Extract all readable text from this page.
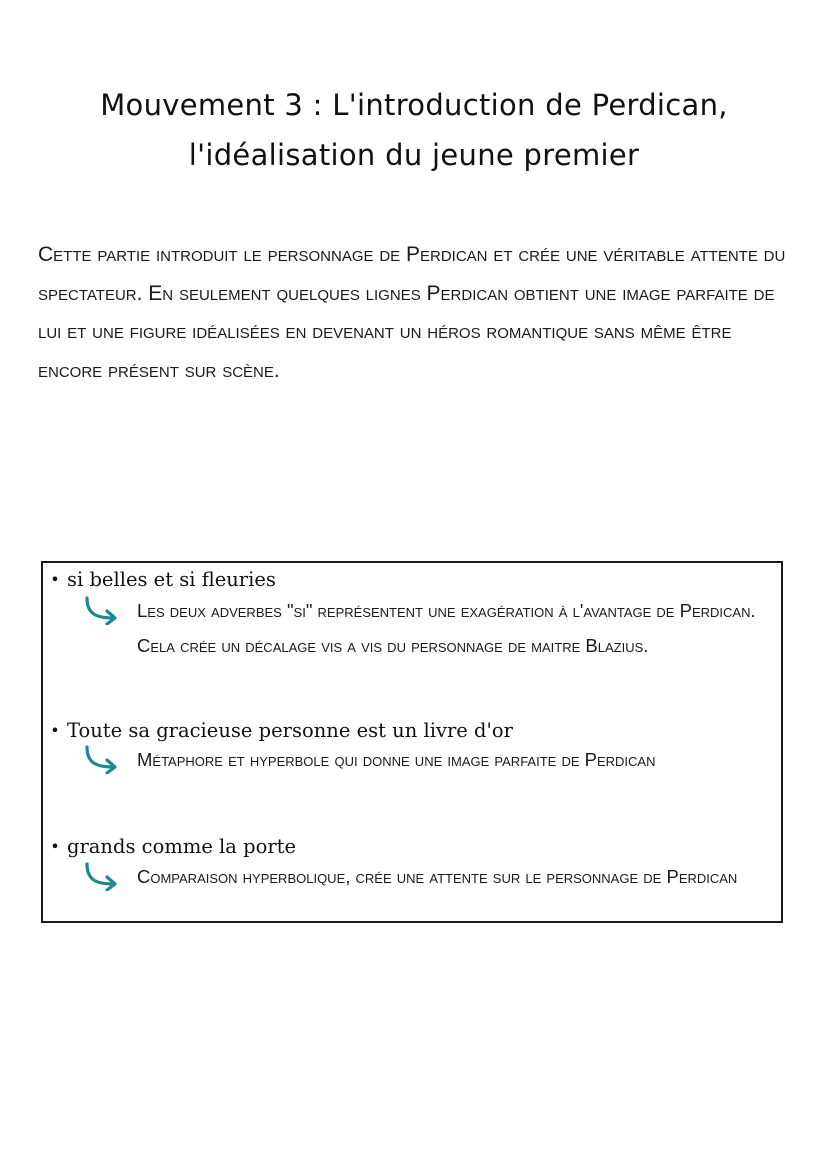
Mouvement 3 : L'introduction de Perdican,
l'idéalisation du jeune premier

Cette partie introduit le personnage de Perdican et crée une véritable attente du spectateur. En seulement quelques lignes Perdican obtient une image parfaite de lui et une figure idéalisées en devenant un héros romantique sans même être encore présent sur scène.

• si belles et si fleuries
Les deux adverbes "si" représentent une exagération à l'avantage de Perdican. Cela crée un décalage vis a vis du personnage de maitre Blazius.
• Toute sa gracieuse personne est un livre d'or
Métaphore et hyperbole qui donne une image parfaite de Perdican
• grands comme la porte
Comparaison hyperbolique, crée une attente sur le personnage de Perdican
